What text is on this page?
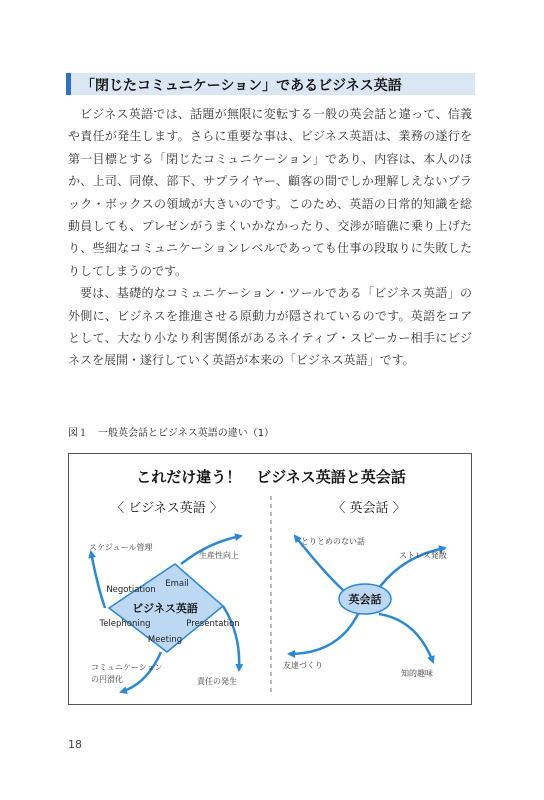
「閉じたコミュニケーション」であるビジネス英語

ビジネス英語では、話題が無限に変転する一般の英会話と違って、信義や責任が発生します。さらに重要な事は、ビジネス英語は、業務の遂行を第一目標とする「閉じたコミュニケーション」であり、内容は、本人のほか、上司、同僚、部下、サプライヤー、顧客の間でしか理解しえないブラック・ボックスの領域が大きいのです。このため、英語の日常的知識を総動員しても、プレゼンがうまくいかなかったり、交渉が暗礁に乗り上げたり、些細なコミュニケーションレベルであっても仕事の段取りに失敗したりしてしまうのです。

要は、基礎的なコミュニケーション・ツールである「ビジネス英語」の外側に、ビジネスを推進させる原動力が隠されているのです。英語をコアとして、大なり小なり利害関係があるネイティブ・スピーカー相手にビジネスを展開・遂行していく英語が本来の「ビジネス英語」です。

図１　一般英会話とビジネス英語の違い（1）
これだけ違う！　ビジネス英語と英会話
〈 ビジネス英語 〉	〈 英会話 〉
ビジネス英語
Email
Presentation
Meeting
Telephoning
Negotiation
スケジュール管理
生産性向上
責任の発生
コミュニケーション
の円滑化
英会話
とりとめのない話
ストレス発散
友達づくり
知的趣味
18
